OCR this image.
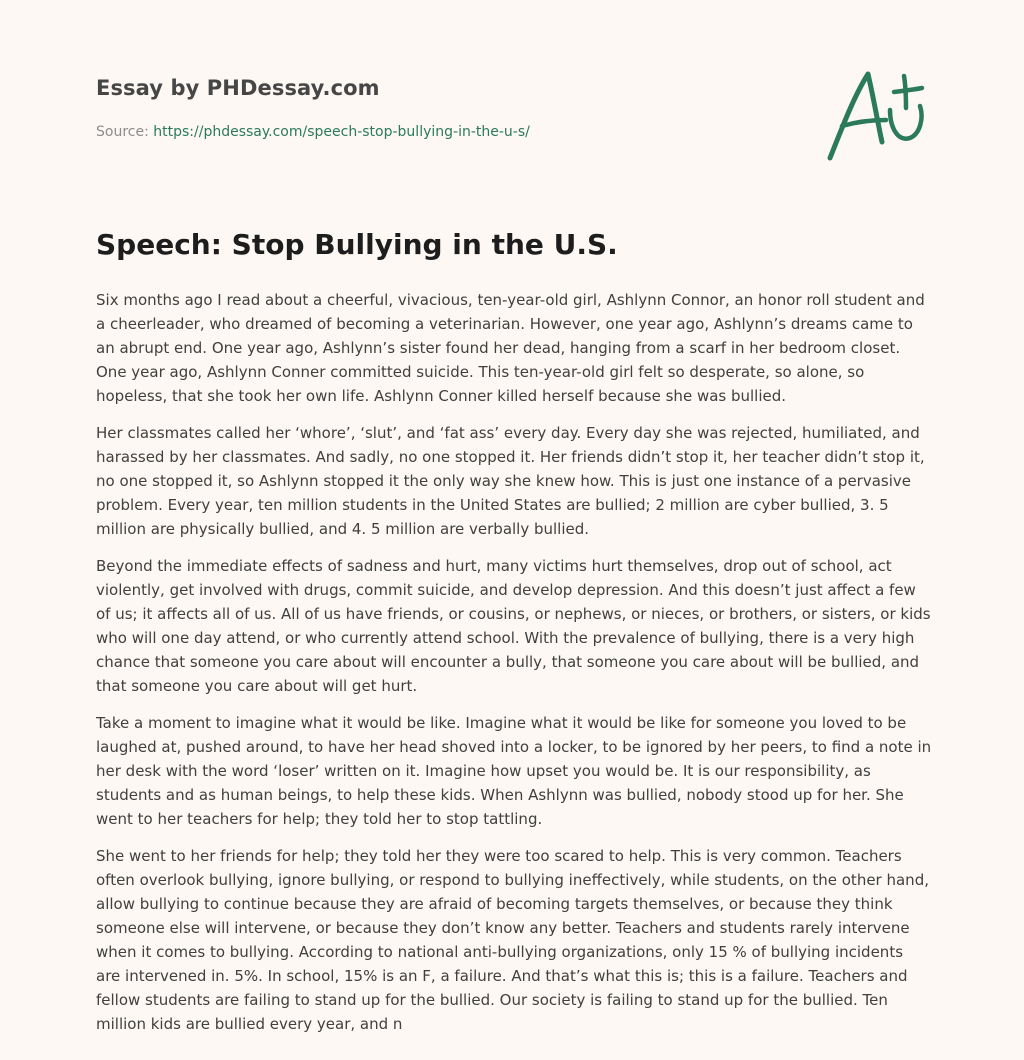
Essay by PHDessay.com
Source: https://phdessay.com/speech-stop-bullying-in-the-u-s/
Speech: Stop Bullying in the U.S.

Six months ago I read about a cheerful, vivacious, ten-year-old girl, Ashlynn Connor, an honor roll student and a cheerleader, who dreamed of becoming a veterinarian. However, one year ago, Ashlynn’s dreams came to an abrupt end. One year ago, Ashlynn’s sister found her dead, hanging from a scarf in her bedroom closet. One year ago, Ashlynn Conner committed suicide. This ten-year-old girl felt so desperate, so alone, so hopeless, that she took her own life. Ashlynn Conner killed herself because she was bullied.

Her classmates called her ‘whore’, ‘slut’, and ‘fat ass’ every day. Every day she was rejected, humiliated, and harassed by her classmates. And sadly, no one stopped it. Her friends didn’t stop it, her teacher didn’t stop it, no one stopped it, so Ashlynn stopped it the only way she knew how. This is just one instance of a pervasive problem. Every year, ten million students in the United States are bullied; 2 million are cyber bullied, 3. 5 million are physically bullied, and 4. 5 million are verbally bullied.

Beyond the immediate effects of sadness and hurt, many victims hurt themselves, drop out of school, act violently, get involved with drugs, commit suicide, and develop depression. And this doesn’t just affect a few of us; it affects all of us. All of us have friends, or cousins, or nephews, or nieces, or brothers, or sisters, or kids who will one day attend, or who currently attend school. With the prevalence of bullying, there is a very high chance that someone you care about will encounter a bully, that someone you care about will be bullied, and that someone you care about will get hurt.

Take a moment to imagine what it would be like. Imagine what it would be like for someone you loved to be laughed at, pushed around, to have her head shoved into a locker, to be ignored by her peers, to find a note in her desk with the word ‘loser’ written on it. Imagine how upset you would be. It is our responsibility, as students and as human beings, to help these kids. When Ashlynn was bullied, nobody stood up for her. She went to her teachers for help; they told her to stop tattling.

She went to her friends for help; they told her they were too scared to help. This is very common. Teachers often overlook bullying, ignore bullying, or respond to bullying ineffectively, while students, on the other hand, allow bullying to continue because they are afraid of becoming targets themselves, or because they think someone else will intervene, or because they don’t know any better. Teachers and students rarely intervene when it comes to bullying. According to national anti-bullying organizations, only 15 % of bullying incidents are intervened in. 5%. In school, 15% is an F, a failure. And that’s what this is; this is a failure. Teachers and fellow students are failing to stand up for the bullied. Our society is failing to stand up for the bullied. Ten million kids are bullied every year, and n
